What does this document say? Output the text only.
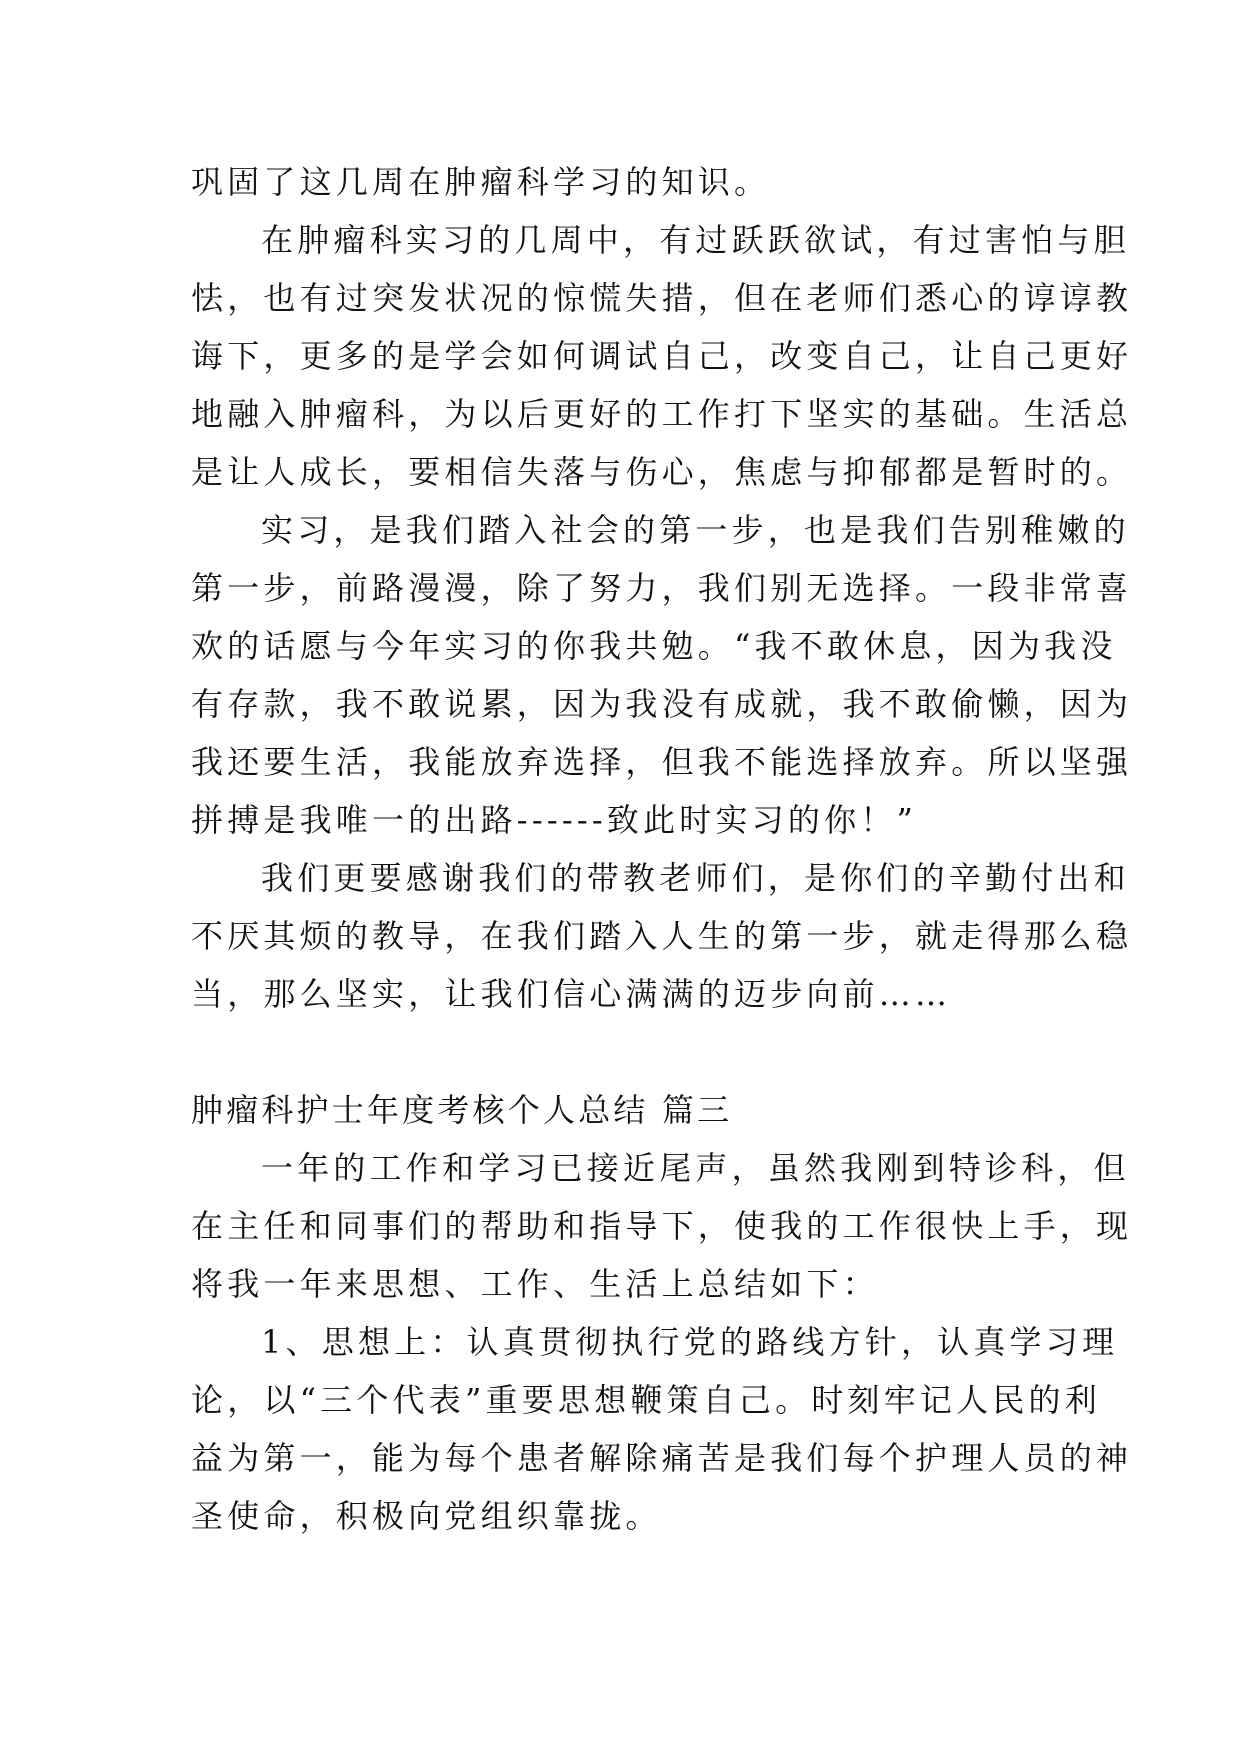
巩固了这几周在肿瘤科学习的知识。
在肿瘤科实习的几周中，有过跃跃欲试，有过害怕与胆
怯，也有过突发状况的惊慌失措，但在老师们悉心的谆谆教
诲下，更多的是学会如何调试自己，改变自己，让自己更好
地融入肿瘤科，为以后更好的工作打下坚实的基础。生活总
是让人成长，要相信失落与伤心，焦虑与抑郁都是暂时的。
实习，是我们踏入社会的第一步，也是我们告别稚嫩的
第一步，前路漫漫，除了努力，我们别无选择。一段非常喜
欢的话愿与今年实习的你我共勉。“我不敢休息，因为我没
有存款，我不敢说累，因为我没有成就，我不敢偷懒，因为
我还要生活，我能放弃选择，但我不能选择放弃。所以坚强
拼搏是我唯一的出路------致此时实习的你！”
我们更要感谢我们的带教老师们，是你们的辛勤付出和
不厌其烦的教导，在我们踏入人生的第一步，就走得那么稳
当，那么坚实，让我们信心满满的迈步向前……
肿瘤科护士年度考核个人总结 篇三
一年的工作和学习已接近尾声，虽然我刚到特诊科，但
在主任和同事们的帮助和指导下，使我的工作很快上手，现
将我一年来思想、工作、生活上总结如下：
1、思想上：认真贯彻执行党的路线方针，认真学习理
论，以“三个代表”重要思想鞭策自己。时刻牢记人民的利
益为第一，能为每个患者解除痛苦是我们每个护理人员的神
圣使命，积极向党组织靠拢。
